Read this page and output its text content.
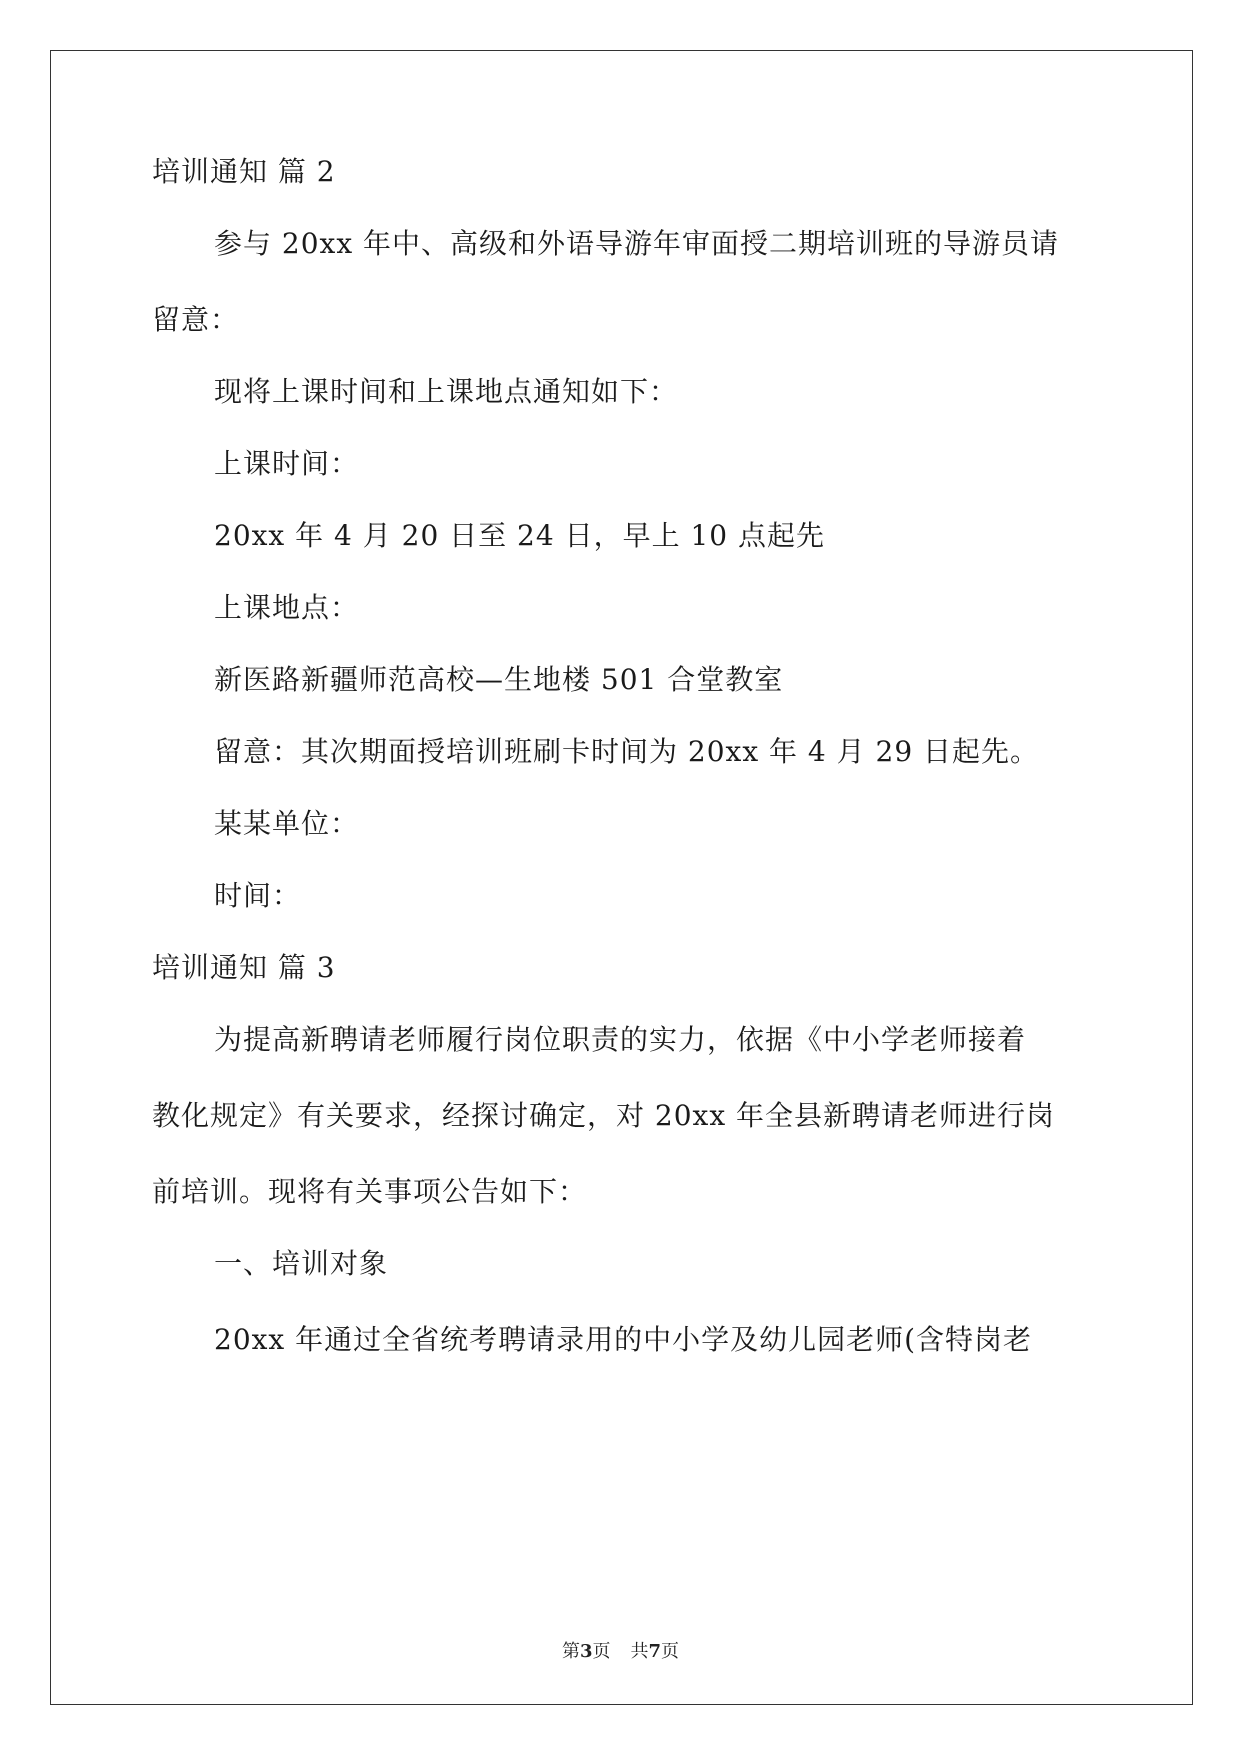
培训通知 篇 2
参与 20xx 年中、高级和外语导游年审面授二期培训班的导游员请
留意：
现将上课时间和上课地点通知如下：
上课时间：
20xx 年 4 月 20 日至 24 日，早上 10 点起先
上课地点：
新医路新疆师范高校—生地楼 501 合堂教室
留意：其次期面授培训班刷卡时间为 20xx 年 4 月 29 日起先。
某某单位：
时间：
培训通知 篇 3
为提高新聘请老师履行岗位职责的实力，依据《中小学老师接着
教化规定》有关要求，经探讨确定，对 20xx 年全县新聘请老师进行岗
前培训。现将有关事项公告如下：
一、培训对象
20xx 年通过全省统考聘请录用的中小学及幼儿园老师(含特岗老
第3页 共7页
